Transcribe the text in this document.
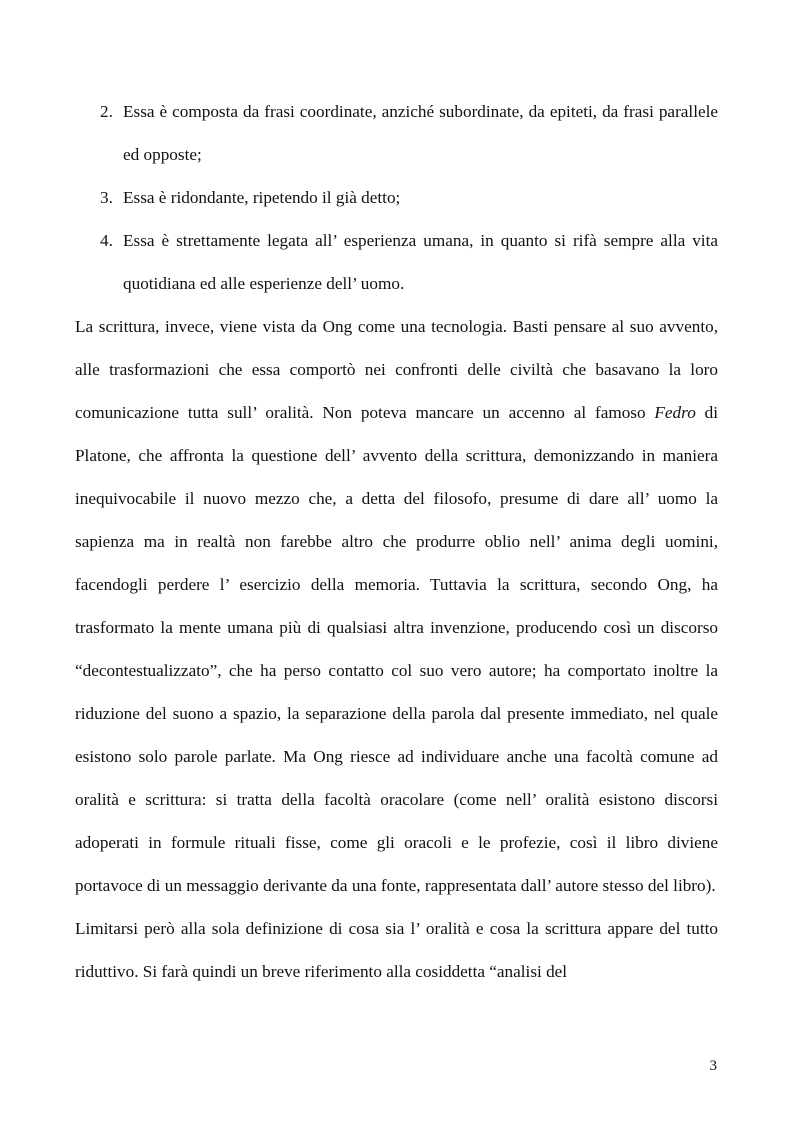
2. Essa è composta da frasi coordinate, anziché subordinate, da epiteti, da frasi parallele ed opposte;
3. Essa è ridondante, ripetendo il già detto;
4. Essa è strettamente legata all’ esperienza umana, in quanto si rifà sempre alla vita quotidiana ed alle esperienze dell’ uomo.

La scrittura, invece, viene vista da Ong come una tecnologia. Basti pensare al suo avvento, alle trasformazioni che essa comportò nei confronti delle civiltà che basavano la loro comunicazione tutta sull’ oralità. Non poteva mancare un accenno al famoso Fedro di Platone, che affronta la questione dell’ avvento della scrittura, demonizzando in maniera inequivocabile il nuovo mezzo che, a detta del filosofo, presume di dare all’ uomo la sapienza ma in realtà non farebbe altro che produrre oblio nell’ anima degli uomini, facendogli perdere l’ esercizio della memoria. Tuttavia la scrittura, secondo Ong, ha trasformato la mente umana più di qualsiasi altra invenzione, producendo così un discorso “decontestualizzato”, che ha perso contatto col suo vero autore; ha comportato inoltre la riduzione del suono a spazio, la separazione della parola dal presente immediato, nel quale esistono solo parole parlate. Ma Ong riesce ad individuare anche una facoltà comune ad oralità e scrittura: si tratta della facoltà oracolare (come nell’ oralità esistono discorsi adoperati in formule rituali fisse, come gli oracoli e le profezie, così il libro diviene portavoce di un messaggio derivante da una fonte, rappresentata dall’ autore stesso del libro).

Limitarsi però alla sola definizione di cosa sia l’ oralità e cosa la scrittura appare del tutto riduttivo. Si farà quindi un breve riferimento alla cosiddetta “analisi del

3
